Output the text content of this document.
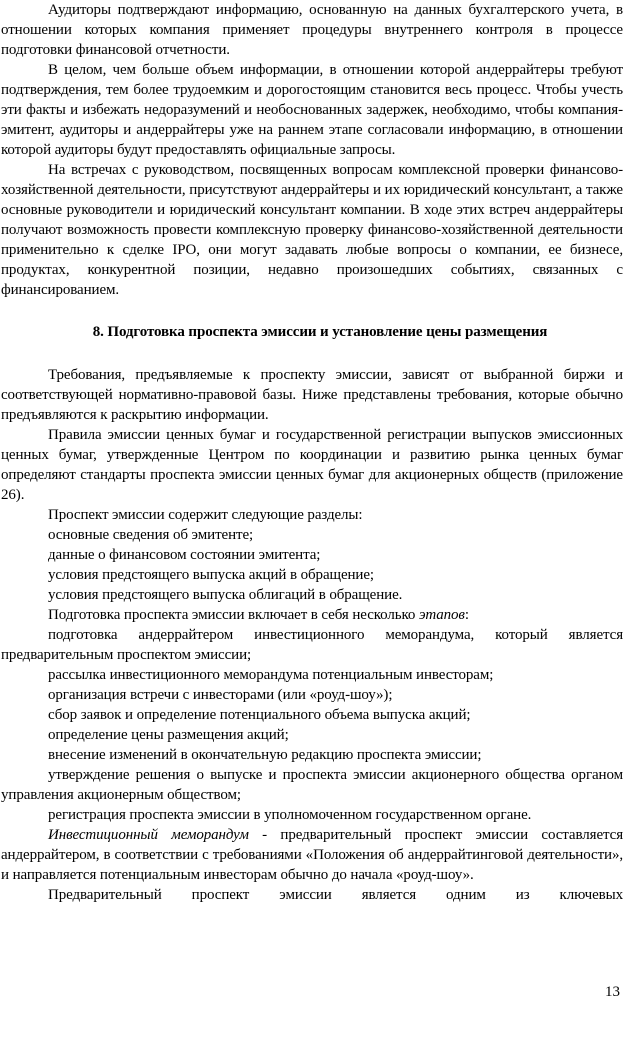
Аудиторы подтверждают информацию, основанную на данных бухгалтерского учета, в отношении которых компания применяет процедуры внутреннего контроля в процессе подготовки финансовой отчетности.

В целом, чем больше объем информации, в отношении которой андеррайтеры требуют подтверждения, тем более трудоемким и дорогостоящим становится весь процесс. Чтобы учесть эти факты и избежать недоразумений и необоснованных задержек, необходимо, чтобы компания-эмитент, аудиторы и андеррайтеры уже на раннем этапе согласовали информацию, в отношении которой аудиторы будут предоставлять официальные запросы.

На встречах с руководством, посвященных вопросам комплексной проверки финансово-хозяйственной деятельности, присутствуют андеррайтеры и их юридический консультант, а также основные руководители и юридический консультант компании. В ходе этих встреч андеррайтеры получают возможность провести комплексную проверку финансово-хозяйственной деятельности применительно к сделке IPO, они могут задавать любые вопросы о компании, ее бизнесе, продуктах, конкурентной позиции, недавно произошедших событиях, связанных с финансированием.

8. Подготовка проспекта эмиссии и установление цены размещения

Требования, предъявляемые к проспекту эмиссии, зависят от выбранной биржи и соответствующей нормативно-правовой базы. Ниже представлены требования, которые обычно предъявляются к раскрытию информации.

Правила эмиссии ценных бумаг и государственной регистрации выпусков эмиссионных ценных бумаг, утвержденные Центром по координации и развитию рынка ценных бумаг определяют стандарты проспекта эмиссии ценных бумаг для акционерных обществ (приложение 26).

Проспект эмиссии содержит следующие разделы:

основные сведения об эмитенте;

данные о финансовом состоянии эмитента;

условия предстоящего выпуска акций в обращение;

условия предстоящего выпуска облигаций в обращение.

Подготовка проспекта эмиссии включает в себя несколько этапов:

подготовка андеррайтером инвестиционного меморандума, который является предварительным проспектом эмиссии;

рассылка инвестиционного меморандума потенциальным инвесторам;

организация встречи с инвесторами (или «роуд-шоу»);

сбор заявок и определение потенциального объема выпуска акций;

определение цены размещения акций;

внесение изменений в окончательную редакцию проспекта эмиссии;

утверждение решения о выпуске и проспекта эмиссии акционерного общества органом управления акционерным обществом;

регистрация проспекта эмиссии в уполномоченном государственном органе.

Инвестиционный меморандум - предварительный проспект эмиссии составляется андеррайтером, в соответствии с требованиями «Положения об андеррайтинговой деятельности», и направляется потенциальным инвесторам обычно до начала «роуд-шоу».

Предварительный проспект эмиссии является одним из ключевых

13
